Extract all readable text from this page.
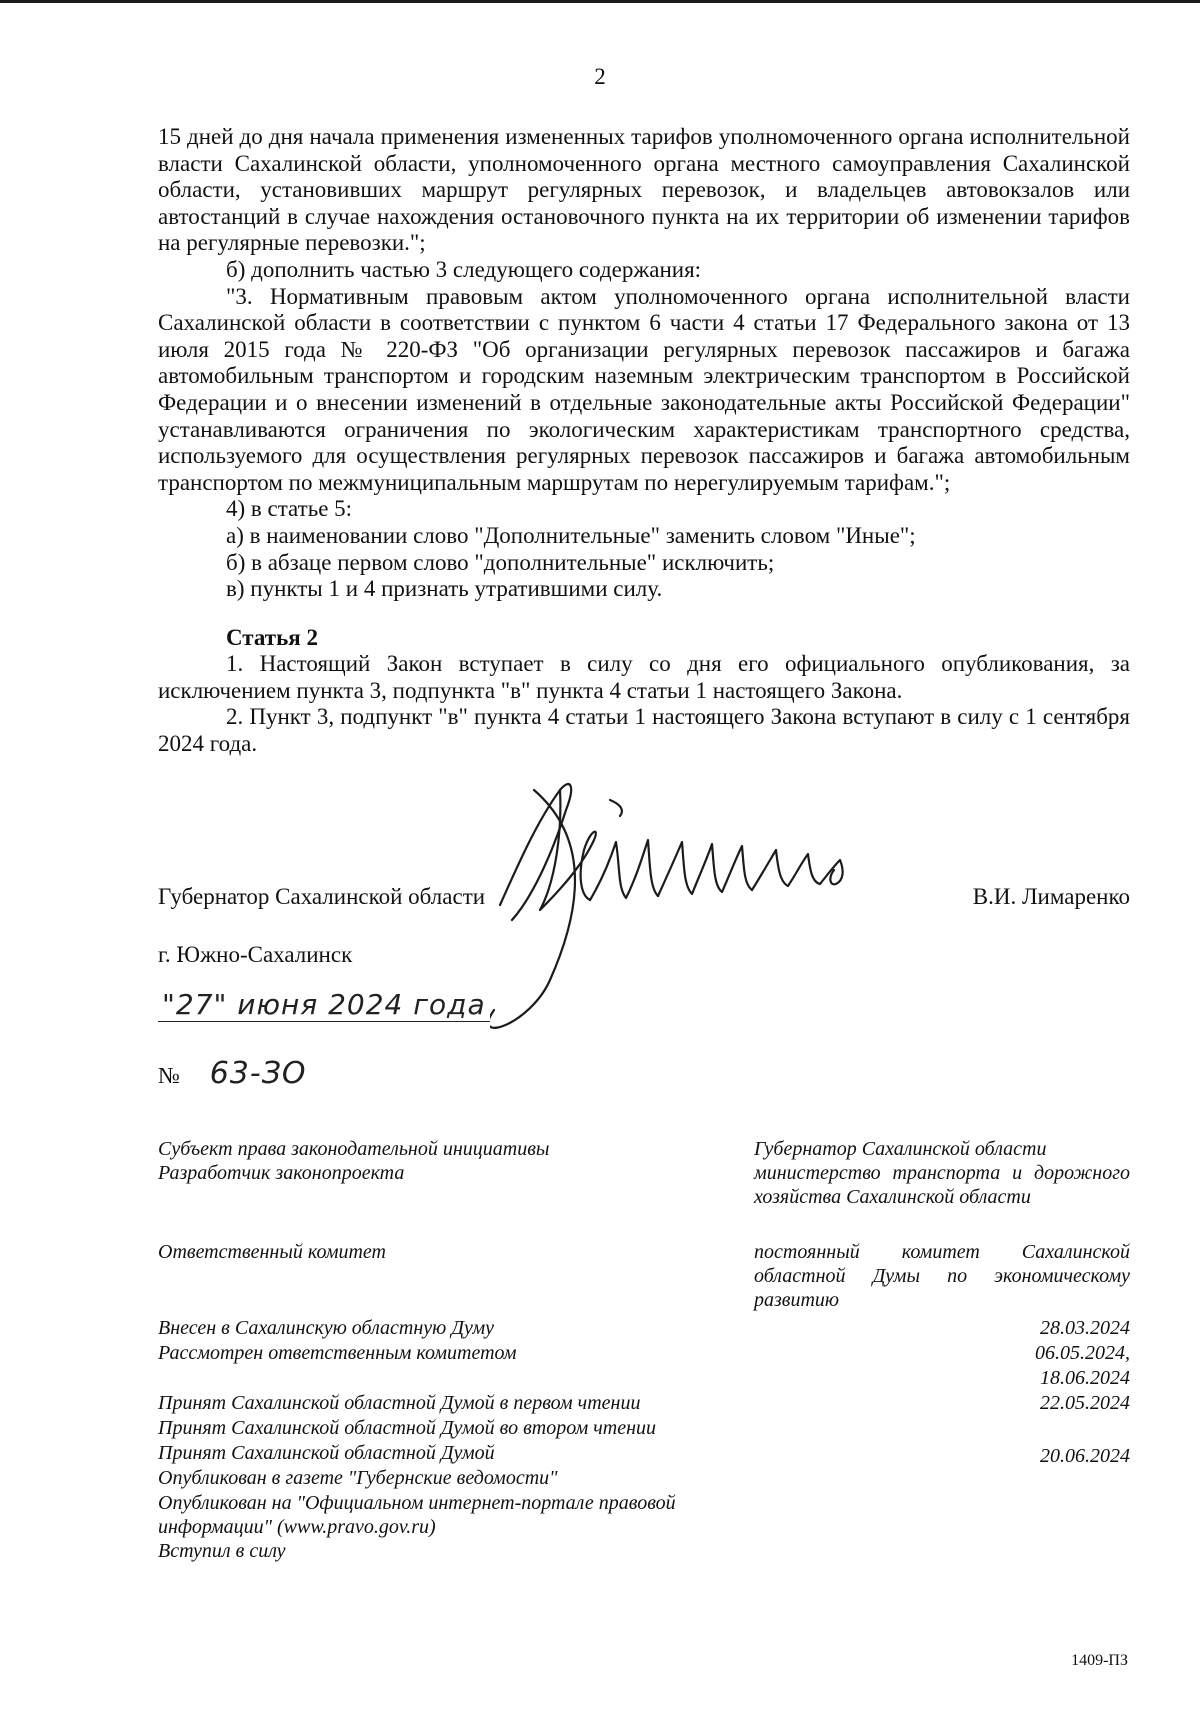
2

15 дней до дня начала применения измененных тарифов уполномоченного органа исполнительной власти Сахалинской области, уполномоченного органа местного самоуправления Сахалинской области, установивших маршрут регулярных перевозок, и владельцев автовокзалов или автостанций в случае нахождения остановочного пункта на их территории об изменении тарифов на регулярные перевозки.";

б) дополнить частью 3 следующего содержания:

"3. Нормативным правовым актом уполномоченного органа исполнительной власти Сахалинской области в соответствии с пунктом 6 части 4 статьи 17 Федерального закона от 13 июля 2015 года № 220-ФЗ "Об организации регулярных перевозок пассажиров и багажа автомобильным транспортом и городским наземным электрическим транспортом в Российской Федерации и о внесении изменений в отдельные законодательные акты Российской Федерации" устанавливаются ограничения по экологическим характеристикам транспортного средства, используемого для осуществления регулярных перевозок пассажиров и багажа автомобильным транспортом по межмуниципальным маршрутам по нерегулируемым тарифам.";

4) в статье 5:

а) в наименовании слово "Дополнительные" заменить словом "Иные";

б) в абзаце первом слово "дополнительные" исключить;

в) пункты 1 и 4 признать утратившими силу.

Статья 2

1. Настоящий Закон вступает в силу со дня его официального опубликования, за исключением пункта 3, подпункта "в" пункта 4 статьи 1 настоящего Закона.

2. Пункт 3, подпункт "в" пункта 4 статьи 1 настоящего Закона вступают в силу с 1 сентября 2024 года.

Губернатор Сахалинской области	В.И. Лимаренко
г. Южно-Сахалинск
"27" июня 2024 года
№ 63-ЗО
Субъект права законодательной инициативы	Губернатор Сахалинской области
Разработчик законопроекта	министерство транспорта и дорожного хозяйства Сахалинской области
Ответственный комитет	постоянный комитет Сахалинской областной Думы по экономическому развитию
Внесен в Сахалинскую областную Думу	28.03.2024
Рассмотрен ответственным комитетом	06.05.2024,
18.06.2024
Принят Сахалинской областной Думой в первом чтении	22.05.2024
Принят Сахалинской областной Думой во втором чтении
Принят Сахалинской областной Думой	20.06.2024
Опубликован в газете "Губернские ведомости"
Опубликован на "Официальном интернет-портале правовой
информации" (www.pravo.gov.ru)
Вступил в силу
1409-ПЗ
